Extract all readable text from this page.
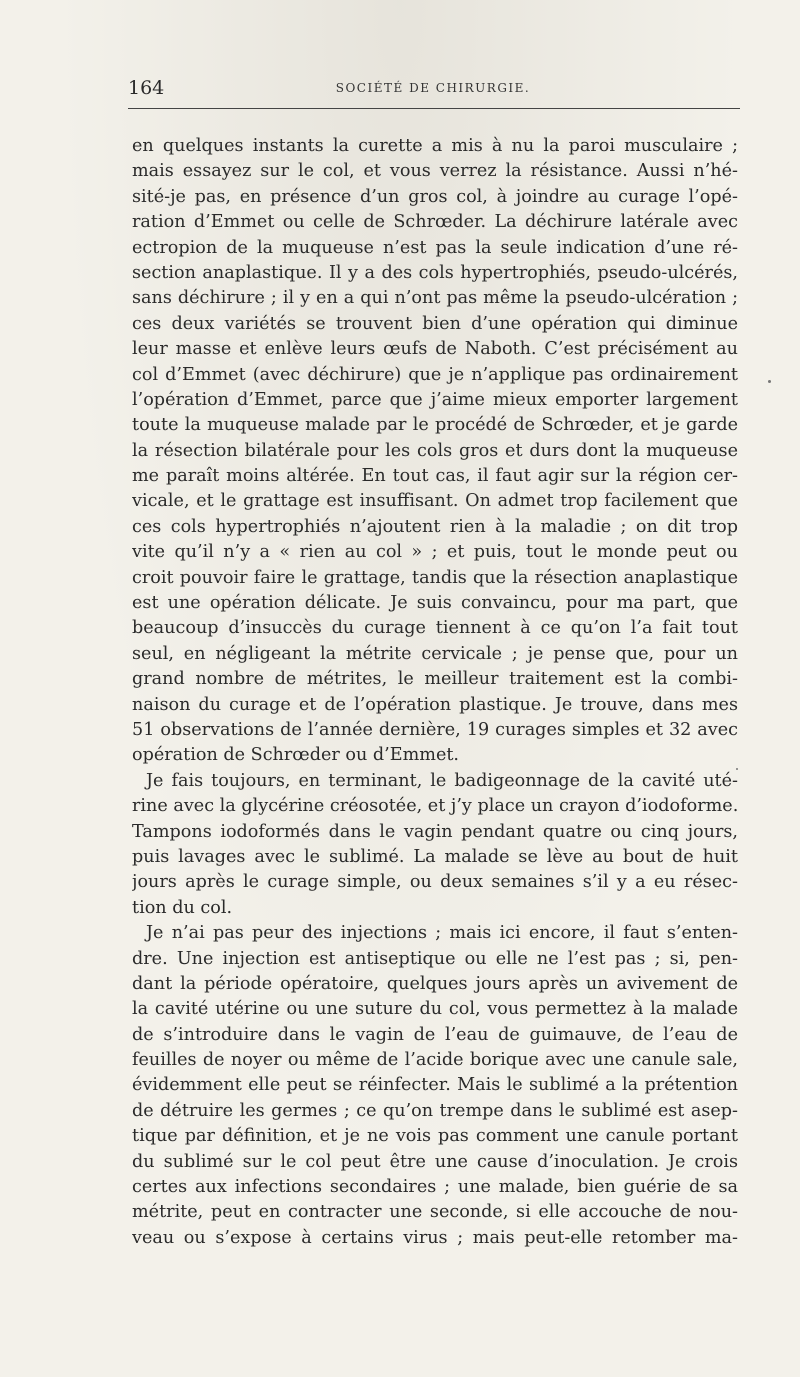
164	SOCIÉTÉ DE CHIRURGIE.
en quelques instants la curette a mis à nu la paroi musculaire ;
mais essayez sur le col, et vous verrez la résistance. Aussi n’hé-
sité-je pas, en présence d’un gros col, à joindre au curage l’opé-
ration d’Emmet ou celle de Schrœder. La déchirure latérale avec
ectropion de la muqueuse n’est pas la seule indication d’une ré-
section anaplastique. Il y a des cols hypertrophiés, pseudo-ulcérés,
sans déchirure ; il y en a qui n’ont pas même la pseudo-ulcération ;
ces deux variétés se trouvent bien d’une opération qui diminue
leur masse et enlève leurs œufs de Naboth. C’est précisément au
col d’Emmet (avec déchirure) que je n’applique pas ordinairement
l’opération d’Emmet, parce que j’aime mieux emporter largement
toute la muqueuse malade par le procédé de Schrœder, et je garde
la résection bilatérale pour les cols gros et durs dont la muqueuse
me paraît moins altérée. En tout cas, il faut agir sur la région cer-
vicale, et le grattage est insuffisant. On admet trop facilement que
ces cols hypertrophiés n’ajoutent rien à la maladie ; on dit trop
vite qu’il n’y a « rien au col » ; et puis, tout le monde peut ou
croit pouvoir faire le grattage, tandis que la résection anaplastique
est une opération délicate. Je suis convaincu, pour ma part, que
beaucoup d’insuccès du curage tiennent à ce qu’on l’a fait tout
seul, en négligeant la métrite cervicale ; je pense que, pour un
grand nombre de métrites, le meilleur traitement est la combi-
naison du curage et de l’opération plastique. Je trouve, dans mes
51 observations de l’année dernière, 19 curages simples et 32 avec
opération de Schrœder ou d’Emmet.
Je fais toujours, en terminant, le badigeonnage de la cavité uté-
rine avec la glycérine créosotée, et j’y place un crayon d’iodoforme.
Tampons iodoformés dans le vagin pendant quatre ou cinq jours,
puis lavages avec le sublimé. La malade se lève au bout de huit
jours après le curage simple, ou deux semaines s’il y a eu résec-
tion du col.
Je n’ai pas peur des injections ; mais ici encore, il faut s’enten-
dre. Une injection est antiseptique ou elle ne l’est pas ; si, pen-
dant la période opératoire, quelques jours après un avivement de
la cavité utérine ou une suture du col, vous permettez à la malade
de s’introduire dans le vagin de l’eau de guimauve, de l’eau de
feuilles de noyer ou même de l’acide borique avec une canule sale,
évidemment elle peut se réinfecter. Mais le sublimé a la prétention
de détruire les germes ; ce qu’on trempe dans le sublimé est asep-
tique par définition, et je ne vois pas comment une canule portant
du sublimé sur le col peut être une cause d’inoculation. Je crois
certes aux infections secondaires ; une malade, bien guérie de sa
métrite, peut en contracter une seconde, si elle accouche de nou-
veau ou s’expose à certains virus ; mais peut-elle retomber ma-
